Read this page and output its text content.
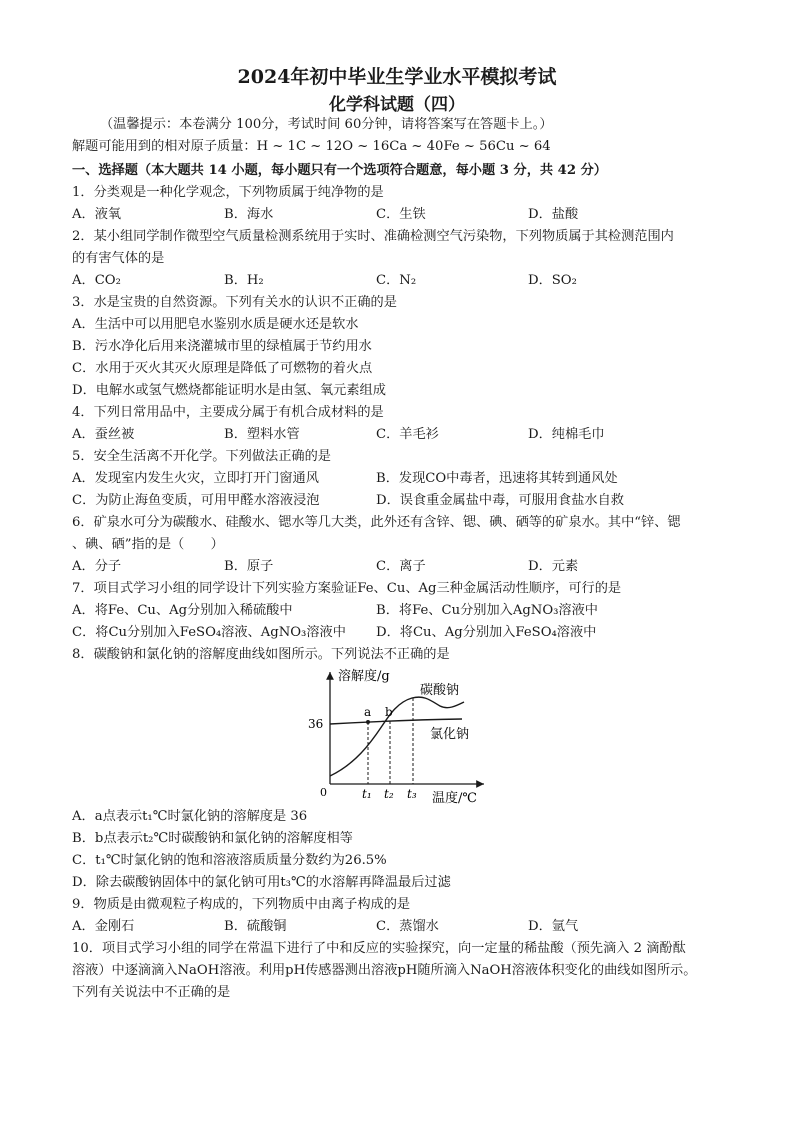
2024年初中毕业生学业水平模拟考试
化学科试题（四）
（温馨提示：本卷满分 100分，考试时间 60分钟，请将答案写在答题卡上。）
解题可能用到的相对原子质量：H ~ 1C ~ 12O ~ 16Ca ~ 40Fe ~ 56Cu ~ 64
一、选择题（本大题共 14 小题，每小题只有一个选项符合题意，每小题 3 分，共 42 分）
1．分类观是一种化学观念，下列物质属于纯净物的是
A．液氧	B．海水	C．生铁	D．盐酸
2．某小组同学制作微型空气质量检测系统用于实时、准确检测空气污染物，下列物质属于其检测范围内
的有害气体的是
A．CO₂	B．H₂	C．N₂	D．SO₂
3．水是宝贵的自然资源。下列有关水的认识不正确的是
A．生活中可以用肥皂水鉴别水质是硬水还是软水
B．污水净化后用来浇灌城市里的绿植属于节约用水
C．水用于灭火其灭火原理是降低了可燃物的着火点
D．电解水或氢气燃烧都能证明水是由氢、氧元素组成
4．下列日常用品中，主要成分属于有机合成材料的是
A．蚕丝被	B．塑料水管	C．羊毛衫	D．纯棉毛巾
5．安全生活离不开化学。下列做法正确的是
A．发现室内发生火灾，立即打开门窗通风	B．发现CO中毒者，迅速将其转到通风处
C．为防止海鱼变质，可用甲醛水溶液浸泡	D．误食重金属盐中毒，可服用食盐水自救
6．矿泉水可分为碳酸水、硅酸水、锶水等几大类，此外还有含锌、锶、碘、硒等的矿泉水。其中“锌、锶
、碘、硒”指的是（　　）
A．分子	B．原子	C．离子	D．元素
7．项目式学习小组的同学设计下列实验方案验证Fe、Cu、Ag三种金属活动性顺序，可行的是
A．将Fe、Cu、Ag分别加入稀硫酸中	B．将Fe、Cu分别加入AgNO₃溶液中
C．将Cu分别加入FeSO₄溶液、AgNO₃溶液中 D．将Cu、Ag分别加入FeSO₄溶液中
8．碳酸钠和氯化钠的溶解度曲线如图所示。下列说法不正确的是
溶解度/g
0
36
a b
t₁ t₂ t₃ 温度/℃
碳酸钠
氯化钠
A．a点表示t₁℃时氯化钠的溶解度是 36
B．b点表示t₂℃时碳酸钠和氯化钠的溶解度相等
C．t₁℃时氯化钠的饱和溶液溶质质量分数约为26.5%
D．除去碳酸钠固体中的氯化钠可用t₃℃的水溶解再降温最后过滤
9．物质是由微观粒子构成的，下列物质中由离子构成的是
A．金刚石	B．硫酸铜	C．蒸馏水	D．氩气
10．项目式学习小组的同学在常温下进行了中和反应的实验探究，向一定量的稀盐酸（预先滴入 2 滴酚酞
溶液）中逐滴滴入NaOH溶液。利用pH传感器测出溶液pH随所滴入NaOH溶液体积变化的曲线如图所示。
下列有关说法中不正确的是
